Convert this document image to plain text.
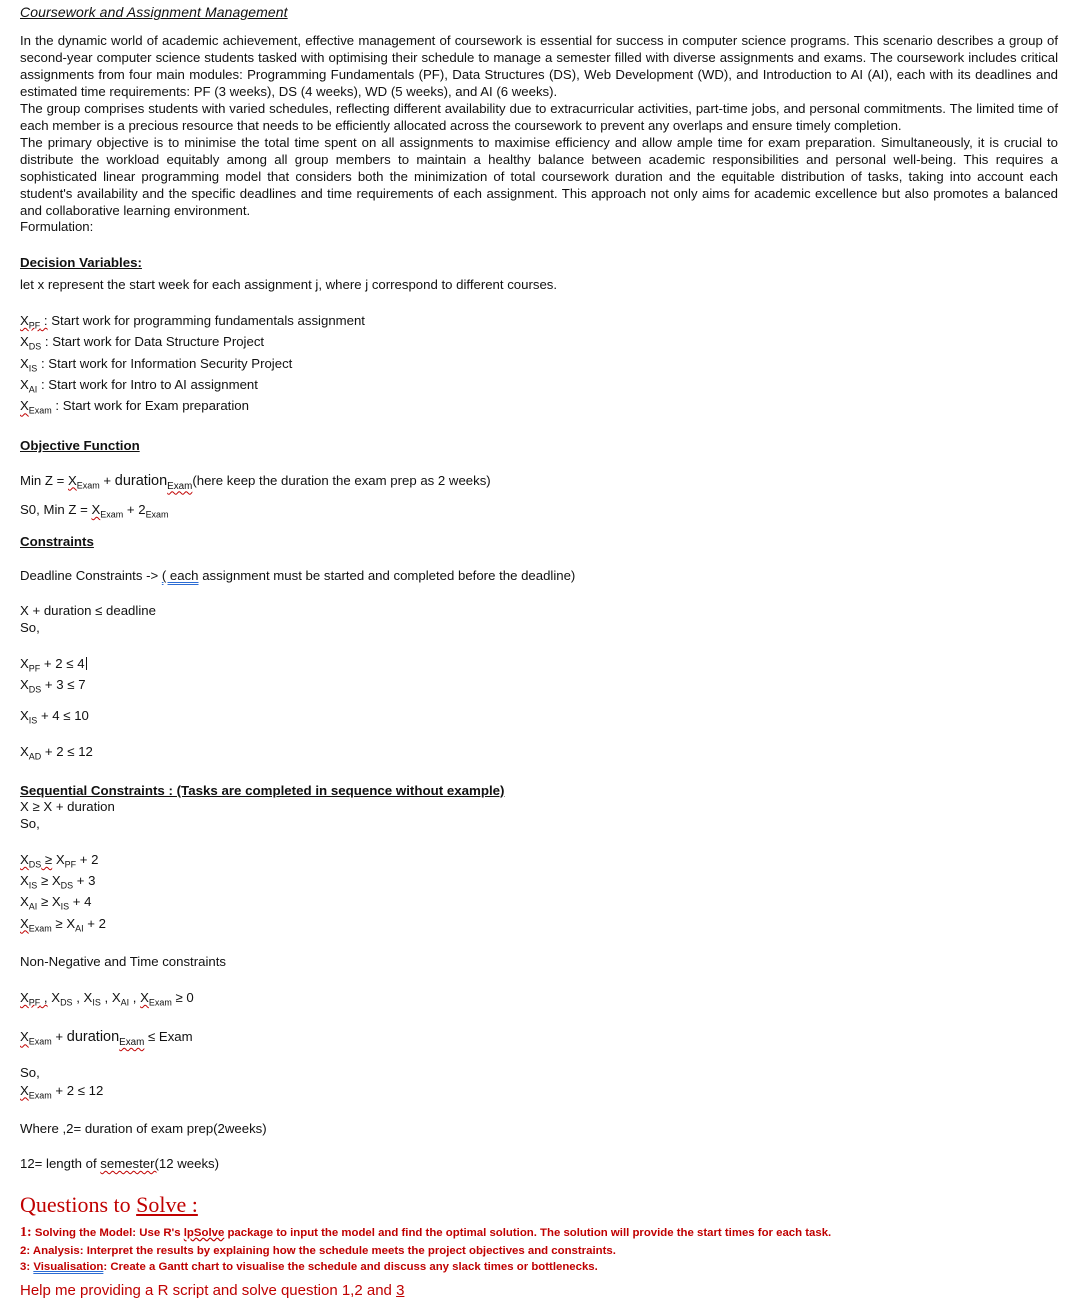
Coursework and Assignment Management

In the dynamic world of academic achievement, effective management of coursework is essential for success in computer science programs. This scenario describes a group of second-year computer science students tasked with optimising their schedule to manage a semester filled with diverse assignments and exams. The coursework includes critical assignments from four main modules: Programming Fundamentals (PF), Data Structures (DS), Web Development (WD), and Introduction to AI (AI), each with its deadlines and estimated time requirements: PF (3 weeks), DS (4 weeks), WD (5 weeks), and AI (6 weeks).

The group comprises students with varied schedules, reflecting different availability due to extracurricular activities, part-time jobs, and personal commitments. The limited time of each member is a precious resource that needs to be efficiently allocated across the coursework to prevent any overlaps and ensure timely completion.

The primary objective is to minimise the total time spent on all assignments to maximise efficiency and allow ample time for exam preparation. Simultaneously, it is crucial to distribute the workload equitably among all group members to maintain a healthy balance between academic responsibilities and personal well-being. This requires a sophisticated linear programming model that considers both the minimization of total coursework duration and the equitable distribution of tasks, taking into account each student's availability and the specific deadlines and time requirements of each assignment. This approach not only aims for academic excellence but also promotes a balanced and collaborative learning environment.

Formulation:

Decision Variables:

let x represent the start week for each assignment j, where j correspond to different courses.

$X_{PF}$ : Start work for programming fundamentals assignment

$X_{DS}$ : Start work for Data Structure Project

$X_{IS}$ : Start work for Information Security Project

$X_{AI}$ : Start work for Intro to AI assignment

$X_{Exam}$ : Start work for Exam preparation

Objective Function

Min $Z = X_{Exam}$ + duration$_{Exam}$(here keep the duration the exam prep as 2 weeks)

S0, Min $Z = X_{Exam} + 2_{Exam}$

Constraints

Deadline Constraints -> ( each assignment must be started and completed before the deadline)

X + duration ≤ deadline

So,

$X_{PF} + 2 \le 4$

$X_{DS} + 3 \le 7$

$X_{IS} + 4 \le 10$

$X_{AD} + 2 \le 12$

Sequential Constraints : (Tasks are completed in sequence without example)

X ≥ X + duration

So,

$X_{DS} \ge X_{PF} + 2$

$X_{IS} \ge X_{DS} + 3$

$X_{AI} \ge X_{IS} + 4$

$X_{Exam} \ge X_{AI} + 2$

Non-Negative and Time constraints

$X_{PF}$ , $X_{DS}$ , $X_{IS}$ , $X_{AI}$ , $X_{Exam} \ge 0$

$X_{Exam}$ + duration$_{Exam}$ ≤ Exam

So,

$X_{Exam} + 2 \le 12$

Where ,2= duration of exam prep(2weeks)

12= length of semester(12 weeks)

Questions to Solve :

1: Solving the Model: Use R's lpSolve package to input the model and find the optimal solution. The solution will provide the start times for each task.
2: Analysis: Interpret the results by explaining how the schedule meets the project objectives and constraints.
3: Visualisation: Create a Gantt chart to visualise the schedule and discuss any slack times or bottlenecks.

Help me providing a R script and solve question 1,2 and 3
